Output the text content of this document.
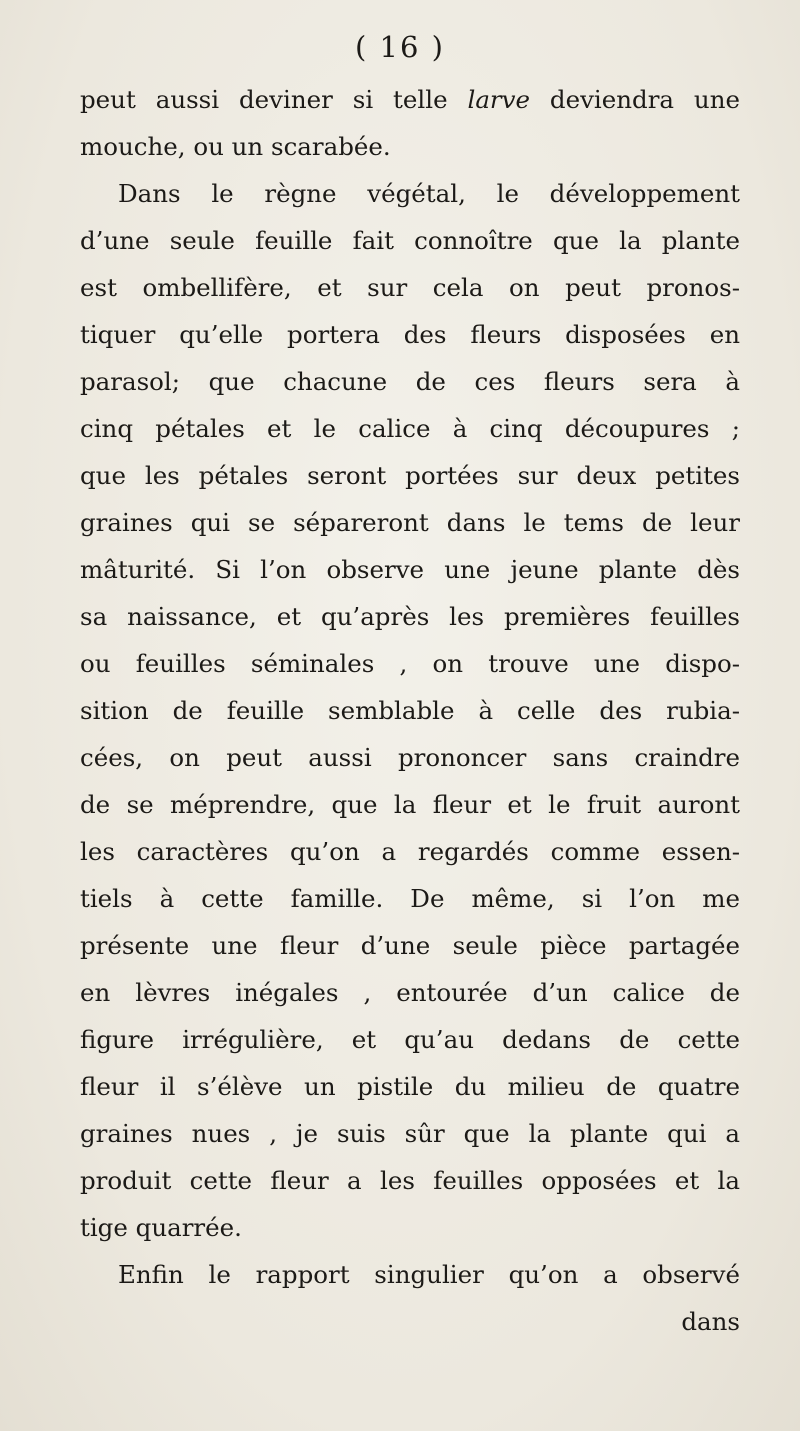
( 16 )
peut aussi deviner si telle larve deviendra une
mouche, ou un scarabée.
Dans le règne végétal, le développement
d’une seule feuille fait connoître que la plante
est ombellifère, et sur cela on peut pronos-
tiquer qu’elle portera des fleurs disposées en
parasol; que chacune de ces fleurs sera à
cinq pétales et le calice à cinq découpures ;
que les pétales seront portées sur deux petites
graines qui se sépareront dans le tems de leur
mâturité. Si l’on observe une jeune plante dès
sa naissance, et qu’après les premières feuilles
ou feuilles séminales , on trouve une dispo-
sition de feuille semblable à celle des rubia-
cées, on peut aussi prononcer sans craindre
de se méprendre, que la fleur et le fruit auront
les caractères qu’on a regardés comme essen-
tiels à cette famille. De même, si l’on me
présente une fleur d’une seule pièce partagée
en lèvres inégales , entourée d’un calice de
figure irrégulière, et qu’au dedans de cette
fleur il s’élève un pistile du milieu de quatre
graines nues , je suis sûr que la plante qui a
produit cette fleur a les feuilles opposées et la
tige quarrée.
Enfin le rapport singulier qu’on a observé
dans
